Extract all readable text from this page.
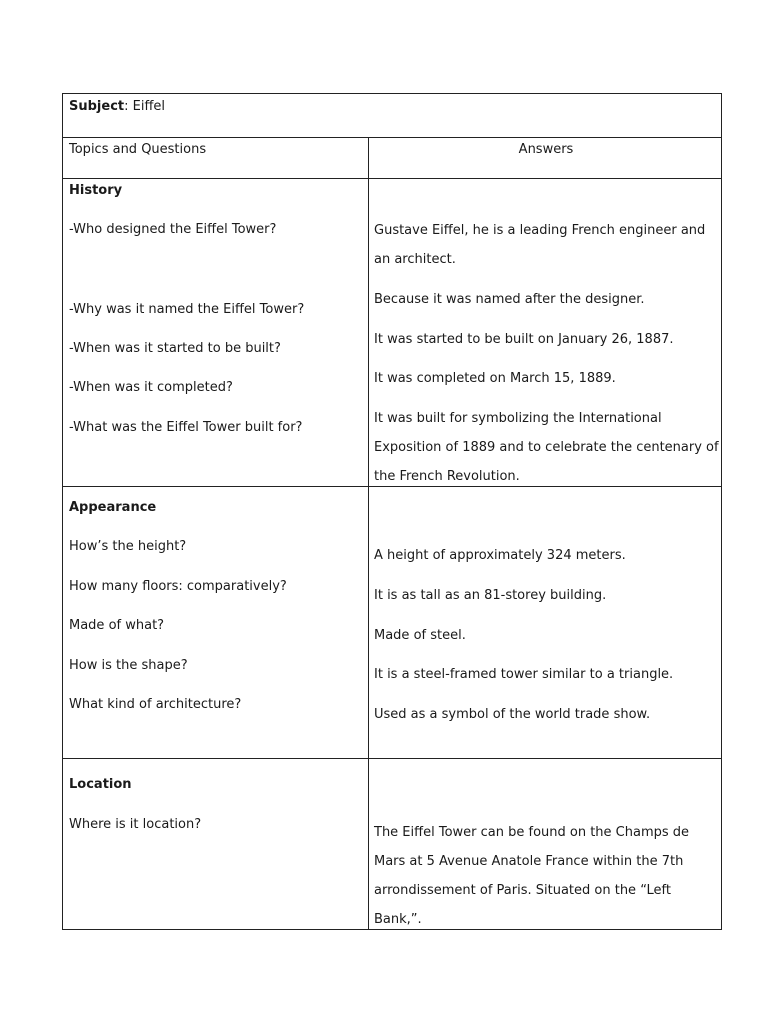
Subject: Eiffel
Topics and Questions	Answers
History
-Who designed the Eiffel Tower?
-Why was it named the Eiffel Tower?
-When was it started to be built?
-When was it completed?
-What was the Eiffel Tower built for?
Gustave Eiffel, he is a leading French engineer and an architect.
Because it was named after the designer.
It was started to be built on January 26, 1887.
It was completed on March 15, 1889.
It was built for symbolizing the International Exposition of 1889 and to celebrate the centenary of the French Revolution.
Appearance
How’s the height?
How many floors: comparatively?
Made of what?
How is the shape?
What kind of architecture?
A height of approximately 324 meters.
It is as tall as an 81-storey building.
Made of steel.
It is a steel-framed tower similar to a triangle.
Used as a symbol of the world trade show.
Location
Where is it location?
The Eiffel Tower can be found on the Champs de Mars at 5 Avenue Anatole France within the 7th arrondissement of Paris. Situated on the “Left Bank,”.
